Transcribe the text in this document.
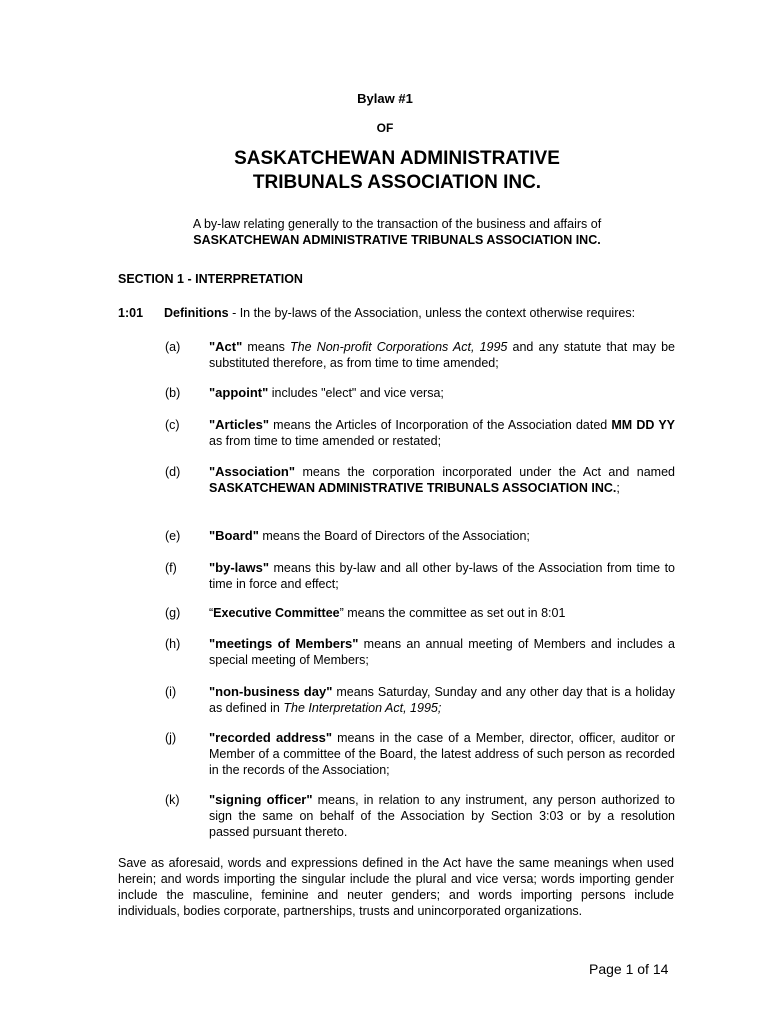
Bylaw #1
OF
SASKATCHEWAN ADMINISTRATIVE
TRIBUNALS ASSOCIATION INC.
A by-law relating generally to the transaction of the business and affairs of
SASKATCHEWAN ADMINISTRATIVE TRIBUNALS ASSOCIATION INC.
SECTION 1 - INTERPRETATION
1:01 Definitions - In the by-laws of the Association, unless the context otherwise requires:
(a) "Act" means The Non-profit Corporations Act, 1995 and any statute that may be substituted therefore, as from time to time amended;
(b) "appoint" includes "elect" and vice versa;
(c) "Articles" means the Articles of Incorporation of the Association dated MM DD YY as from time to time amended or restated;
(d) "Association" means the corporation incorporated under the Act and named SASKATCHEWAN ADMINISTRATIVE TRIBUNALS ASSOCIATION INC.;
(e) "Board" means the Board of Directors of the Association;
(f) "by-laws" means this by-law and all other by-laws of the Association from time to time in force and effect;
(g) “Executive Committee” means the committee as set out in 8:01
(h) "meetings of Members" means an annual meeting of Members and includes a special meeting of Members;
(i)	"non-business day" means Saturday, Sunday and any other day that is a holiday as defined in The Interpretation Act, 1995;
(j)	"recorded address" means in the case of a Member, director, officer, auditor or Member of a committee of the Board, the latest address of such person as recorded in the records of the Association;
(k) "signing officer" means, in relation to any instrument, any person authorized to sign the same on behalf of the Association by Section 3:03 or by a resolution passed pursuant thereto.
Save as aforesaid, words and expressions defined in the Act have the same meanings when used herein; and words importing the singular include the plural and vice versa; words importing gender include the masculine, feminine and neuter genders; and words importing persons include individuals, bodies corporate, partnerships, trusts and unincorporated organizations.
Page 1 of 14
